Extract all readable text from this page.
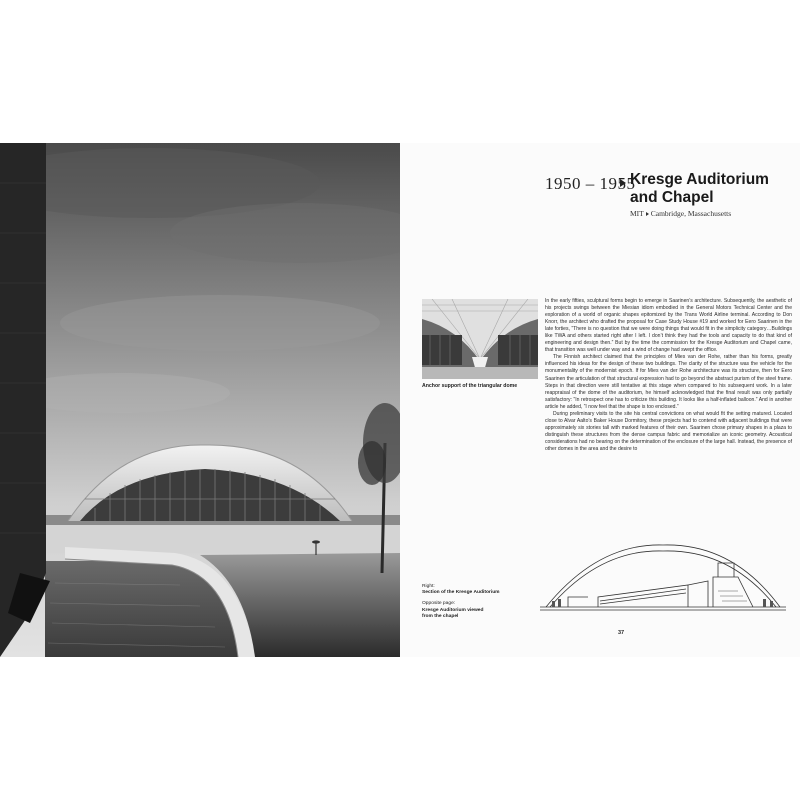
1950 – 1955
Kresge Auditorium
and Chapel
MIT Cambridge, Massachusetts
Anchor support of the triangular dome

In the early fifties, sculptural forms begin to emerge in Saarinen’s architecture. Subsequently, the aesthetic of his projects swings between the Miesian idiom embodied in the General Motors Technical Center and the exploration of a world of organic shapes epitomized by the Trans World Airline terminal. According to Don Knorr, the architect who drafted the proposal for Case Study House #19 and worked for Eero Saarinen in the late forties, “There is no question that we were doing things that would fit in the simplicity category…Buildings like TWA and others started right after I left. I don’t think they had the tools and capacity to do that kind of engineering and design then.” But by the time the commission for the Kresge Auditorium and Chapel came, that transition was well under way and a wind of change had swept the office.

The Finnish architect claimed that the principles of Mies van der Rohe, rather than his forms, greatly influenced his ideas for the design of these two buildings. The clarity of the structure was the vehicle for the monumentality of the modernist epoch. If for Mies van der Rohe architecture was its structure, then for Eero Saarinen the articulation of that structural expression had to go beyond the abstract purism of the steel frame. Steps in that direction were still tentative at this stage when compared to his subsequent work. In a later reappraisal of the dome of the auditorium, he himself acknowledged that the final result was only partially satisfactory: “In retrospect one has to criticize this building. It looks like a half-inflated balloon.” And in another article he added, “I now feel that the shape is too enclosed.”

During preliminary visits to the site his central convictions on what would fit the setting matured. Located close to Alvar Aalto’s Baker House Dormitory, these projects had to contend with adjacent buildings that were approximately six stories tall with marked features of their own. Saarinen chose primary shapes in a plaza to distinguish these structures from the dense campus fabric and memorialize an iconic geometry. Acoustical considerations had no bearing on the determination of the enclosure of the large hall. Instead, the presence of other domes in the area and the desire to

Right:
Section of the Kresge Auditorium
Opposite page:
Kresge Auditorium viewed
from the chapel
37
